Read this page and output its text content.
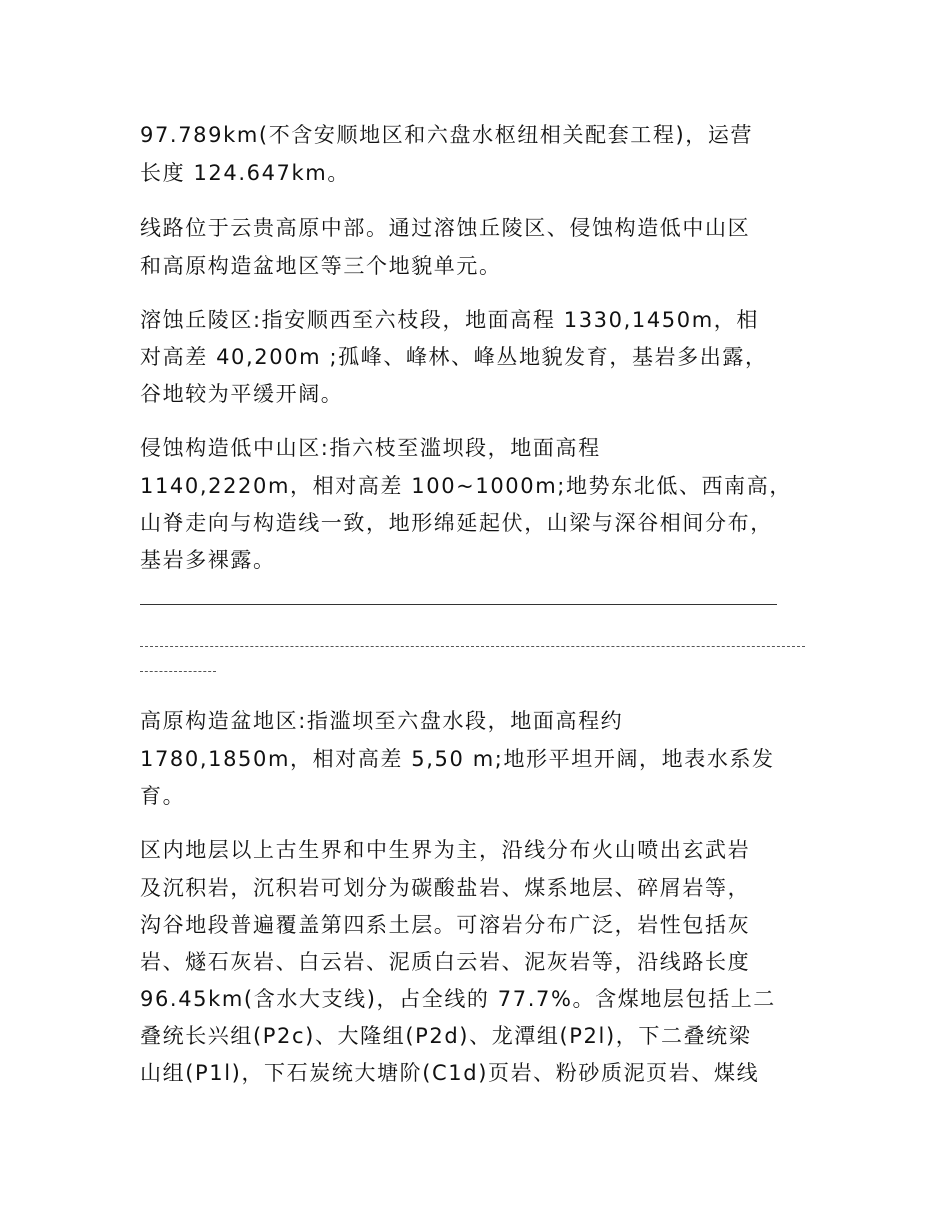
97.789km(不含安顺地区和六盘水枢纽相关配套工程)，运营

长度 124.647km。

线路位于云贵高原中部。通过溶蚀丘陵区、侵蚀构造低中山区

和高原构造盆地区等三个地貌单元。

溶蚀丘陵区:指安顺西至六枝段，地面高程 1330,1450m，相

对高差 40,200m ;孤峰、峰林、峰丛地貌发育，基岩多出露，

谷地较为平缓开阔。

侵蚀构造低中山区:指六枝至滥坝段，地面高程

1140,2220m，相对高差 100~1000m;地势东北低、西南高，

山脊走向与构造线一致，地形绵延起伏，山梁与深谷相间分布，

基岩多裸露。

高原构造盆地区:指滥坝至六盘水段，地面高程约

1780,1850m，相对高差 5,50 m;地形平坦开阔，地表水系发

育。

区内地层以上古生界和中生界为主，沿线分布火山喷出玄武岩

及沉积岩，沉积岩可划分为碳酸盐岩、煤系地层、碎屑岩等，

沟谷地段普遍覆盖第四系土层。可溶岩分布广泛，岩性包括灰

岩、燧石灰岩、白云岩、泥质白云岩、泥灰岩等，沿线路长度

96.45km(含水大支线)，占全线的 77.7%。含煤地层包括上二

叠统长兴组(P2c)、大隆组(P2d)、龙潭组(P2l)，下二叠统梁

山组(P1l)，下石炭统大塘阶(C1d)页岩、粉砂质泥页岩、煤线
